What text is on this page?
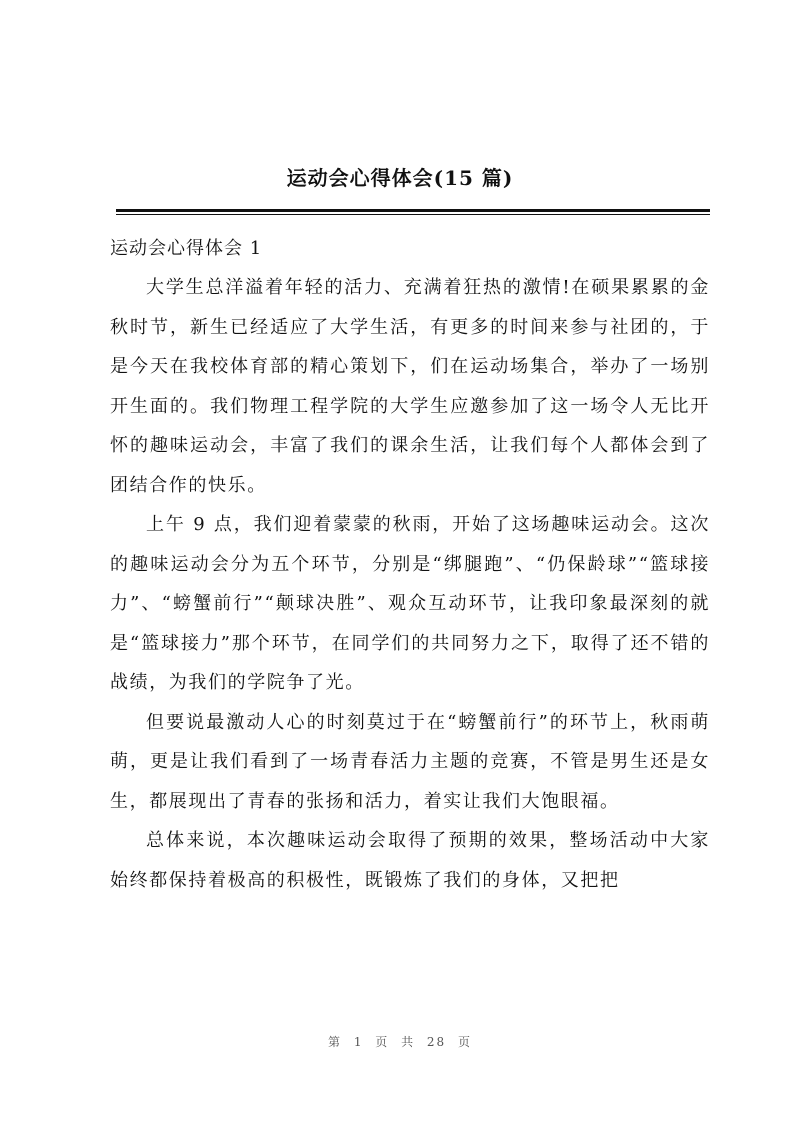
运动会心得体会(15 篇)
运动会心得体会 1

大学生总洋溢着年轻的活力、充满着狂热的激情!在硕果累累的金秋时节，新生已经适应了大学生活，有更多的时间来参与社团的，于是今天在我校体育部的精心策划下，们在运动场集合，举办了一场别开生面的。我们物理工程学院的大学生应邀参加了这一场令人无比开怀的趣味运动会，丰富了我们的课余生活，让我们每个人都体会到了团结合作的快乐。

上午 9 点，我们迎着蒙蒙的秋雨，开始了这场趣味运动会。这次的趣味运动会分为五个环节，分别是“绑腿跑”、“仍保龄球”“篮球接力”、“螃蟹前行”“颠球决胜”、观众互动环节，让我印象最深刻的就是“篮球接力”那个环节，在同学们的共同努力之下，取得了还不错的战绩，为我们的学院争了光。

但要说最激动人心的时刻莫过于在“螃蟹前行”的环节上，秋雨萌萌，更是让我们看到了一场青春活力主题的竞赛，不管是男生还是女生，都展现出了青春的张扬和活力，着实让我们大饱眼福。

总体来说，本次趣味运动会取得了预期的效果，整场活动中大家始终都保持着极高的积极性，既锻炼了我们的身体，又把把

第 1 页 共 28 页
